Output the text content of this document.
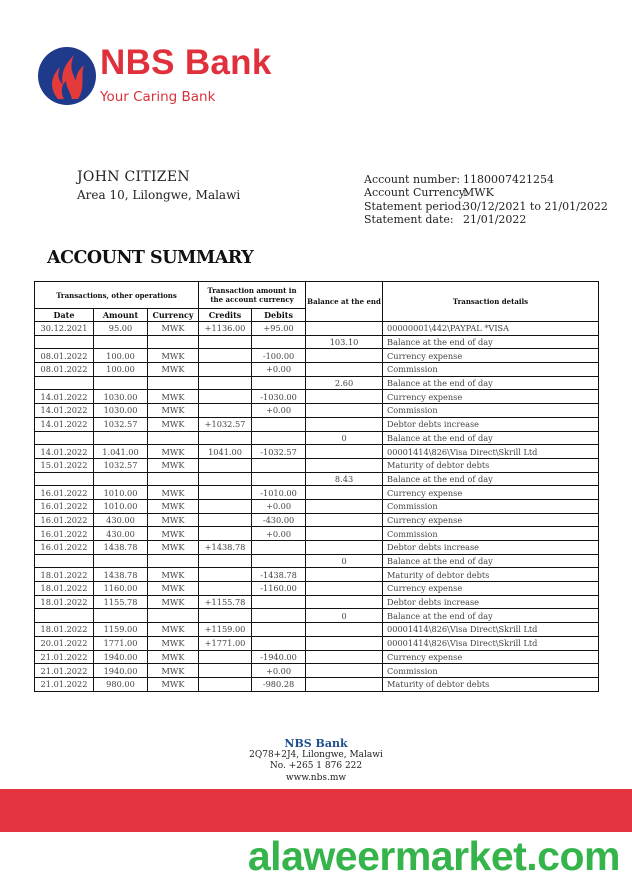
NBS Bank
Your Caring Bank
JOHN CITIZEN
Area 10, Lilongwe, Malawi
Account number: 1180007421254
Account Currency:
MWK
Statement period:
30/12/2021 to 21/01/2022
Statement date: 21/01/2022
ACCOUNT SUMMARY
Transactions, other operations			Transaction amount in the account currency		Balance at the end	Transaction details
Date	Amount	Currency	Credits	Debits		
30.12.2021	95.00	MWK	+1136.00	+95.00		00000001\442\PAYPAL *VISA
					103.10	Balance at the end of day
08.01.2022	100.00	MWK		-100.00		Currency expense
08.01.2022	100.00	MWK		+0.00		Commission
					2.60	Balance at the end of day
14.01.2022	1030.00	MWK		-1030.00		Currency expense
14.01.2022	1030.00	MWK		+0.00		Commission
14.01.2022	1032.57	MWK	+1032.57			Debtor debts increase
					0	Balance at the end of day
14.01.2022	1.041.00	MWK	1041.00	-1032.57		00001414\826\Visa Direct\Skrill Ltd
15.01.2022	1032.57	MWK				Maturity of debtor debts
					8.43	Balance at the end of day
16.01.2022	1010.00	MWK		-1010.00		Currency expense
16.01.2022	1010.00	MWK		+0.00		Commission
16.01.2022	430.00	MWK		-430.00		Currency expense
16.01.2022	430.00	MWK		+0.00		Commission
16.01.2022	1438.78	MWK	+1438.78			Debtor debts increase
					0	Balance at the end of day
18.01.2022	1438.78	MWK		-1438.78		Maturity of debtor debts
18.01.2022	1160.00	MWK		-1160.00		Currency expense
18.01.2022	1155.78	MWK	+1155.78			Debtor debts increase
					0	Balance at the end of day
18.01.2022	1159.00	MWK	+1159.00			00001414\826\Visa Direct\Skrill Ltd
20.01.2022	1771.00	MWK	+1771.00			00001414\826\Visa Direct\Skrill Ltd
21.01.2022	1940.00	MWK		-1940.00		Currency expense
21.01.2022	1940.00	MWK		+0.00		Commission
21.01.2022	980.00	MWK		-980.28		Maturity of debtor debts
NBS Bank
2Q78+2J4, Lilongwe, Malawi
No. +265 1 876 222
www.nbs.mw
alaweermarket.com
